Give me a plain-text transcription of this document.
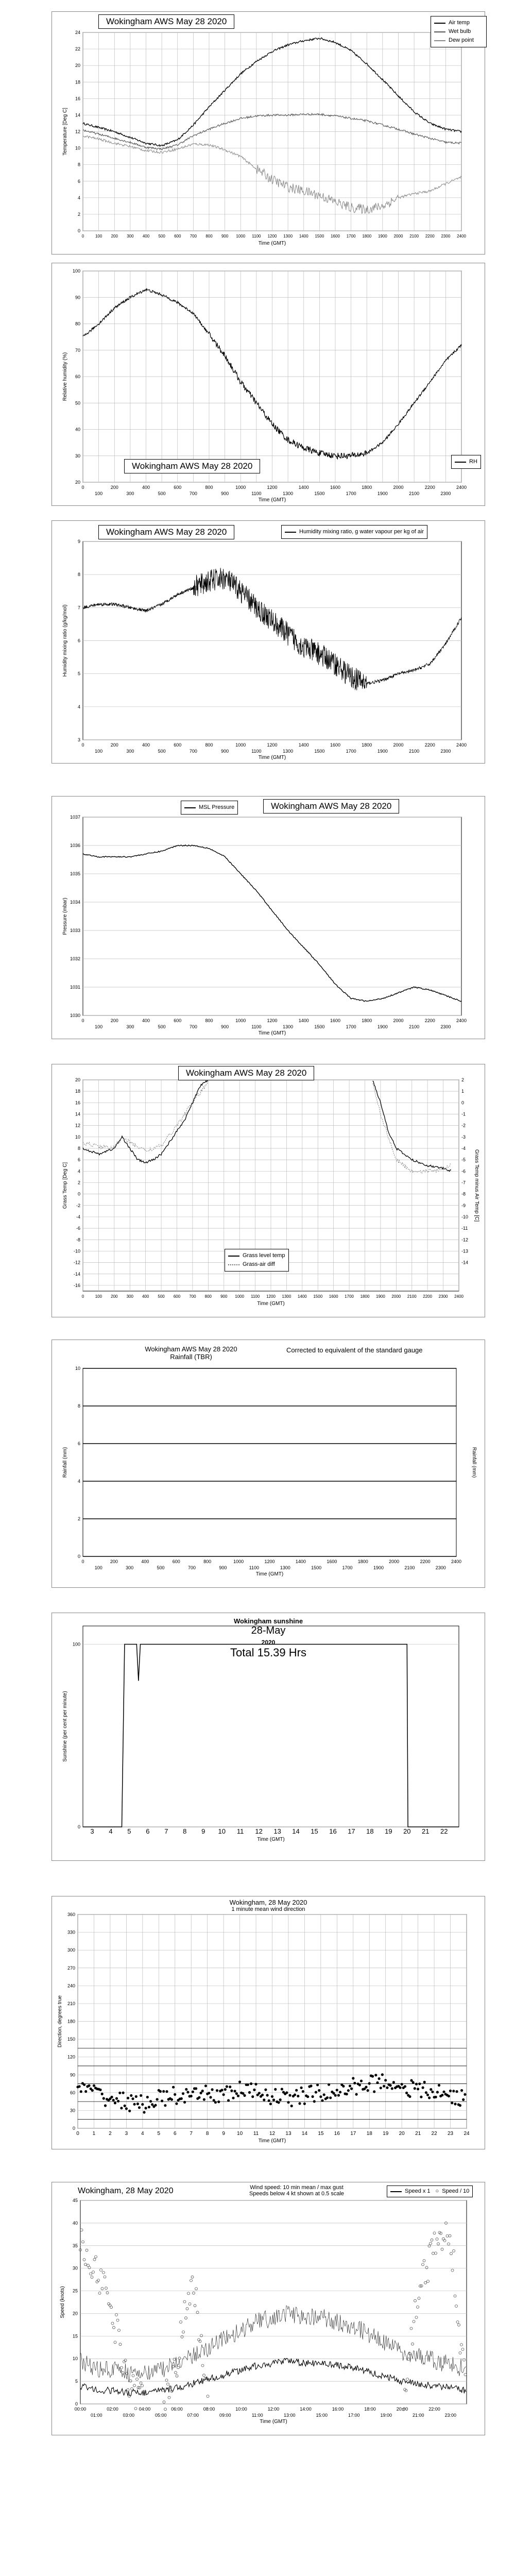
0	100 200 300 400 500 600 700 800 900 1000 1100 1200 1300 1400 1500 1600 1700 1800 1900 2000 2100 2200 2300 2400
0
2
4
6
8
10
12
14
16
18
20
22
24
Time (GMT)
Temperature [Deg C]
Wokingham AWS May 28 2020	Air temp
Wet bulb
Dew point
0
100
200
300
400
500
600
700
800
900
1000
1100
1200
1300
1400
1500
1600
1700
1800
1900
2000
2100
2200
2300
2400
20
30
40
50
60
70
80
90
100
Time (GMT)
Relative humidity (%)
Wokingham AWS May 28 2020	RH
0
100
200
300
400
500
600
700
800
900
1000
1100
1200
1300
1400
1500
1600
1700
1800
1900
2000
2100
2200
2300
2400
3
4
5
6
7
8
9
Time (GMT)
Humidity mixing ratio (g/kg/mol)
Wokingham AWS May 28 2020	Humidity mixing ratio, g water vapour per kg of air
0
100
200
300
400
500
600
700
800
900
1000
1100
1200
1300
1400
1500
1600
1700
1800
1900
2000
2100
2200
2300
2400
1030
1031
1032
1033
1034
1035
1036
1037
Time (GMT)
Pressure (mbar)
MSL Pressure	Wokingham AWS May 28 2020
0	100 200 300 400 500 600 700 800 900 1000 1100 1200 1300 1400 1500 1600 1700 1800 1900 2000 2100 2200 2300 2400
-16
-14
-12
-10
-8
-6
-4
-2
0
2
4
6
8
10
12
14
16
18
20	2
1
0
-1
-2
-3
-4
-5
-6
-7
-8
-9
-10
-11
-12
-13
-14
Time (GMT)
Grass Temp [Deg C]	Grass Temp minus Air Temp [C]
Wokingham AWS May 28 2020
Grass level temp
Grass-air diff
0
100
200
300
400
500
600
700
800
900
1000
1100
1200
1300
1400
1500
1600
1700
1800
1900
2000
2100
2200
2300
2400
0
2
4
6
8
10
Time (GMT)
Rainfall (mm)	Rainfall (mm)
Wokingham AWS May 28 2020
Rainfall (TBR)
Corrected to equivalent of the standard gauge
3 4 5 6 7 8 9 10 11 12 13 14 15 16 17 18 19 20 21 22
0
100
Time (GMT)
Sunshine (per cent per minute)
Wokingham sunshine
28-May
2020
Total 15.39 Hrs
0	1	2	3	4	5	6	7	8	9 10 11 12 13 14 15 16 17 18 19 20 21 22 23 24
0
30
60
90
120
150
180
210
240
270
300
330
360
Time (GMT)
Direction, degrees true
Wokingham, 28 May 2020
1 minute mean wind direction
00:00
01:00
02:00
03:00
04:00
05:00
06:00
07:00
08:00
09:00
10:00
11:00
12:00
13:00
14:00
15:00
16:00
17:00
18:00
19:00
20:00
21:00
22:00
23:00
0
5
10
15
20
25
30
35
40
45
Time (GMT)
Speed (knots)
Wokingham, 28 May 2020	Wind speed: 10 min mean / max gust
Speeds below 4 kt shown at 0.5 scale	Speed x 1 ○ Speed / 10
